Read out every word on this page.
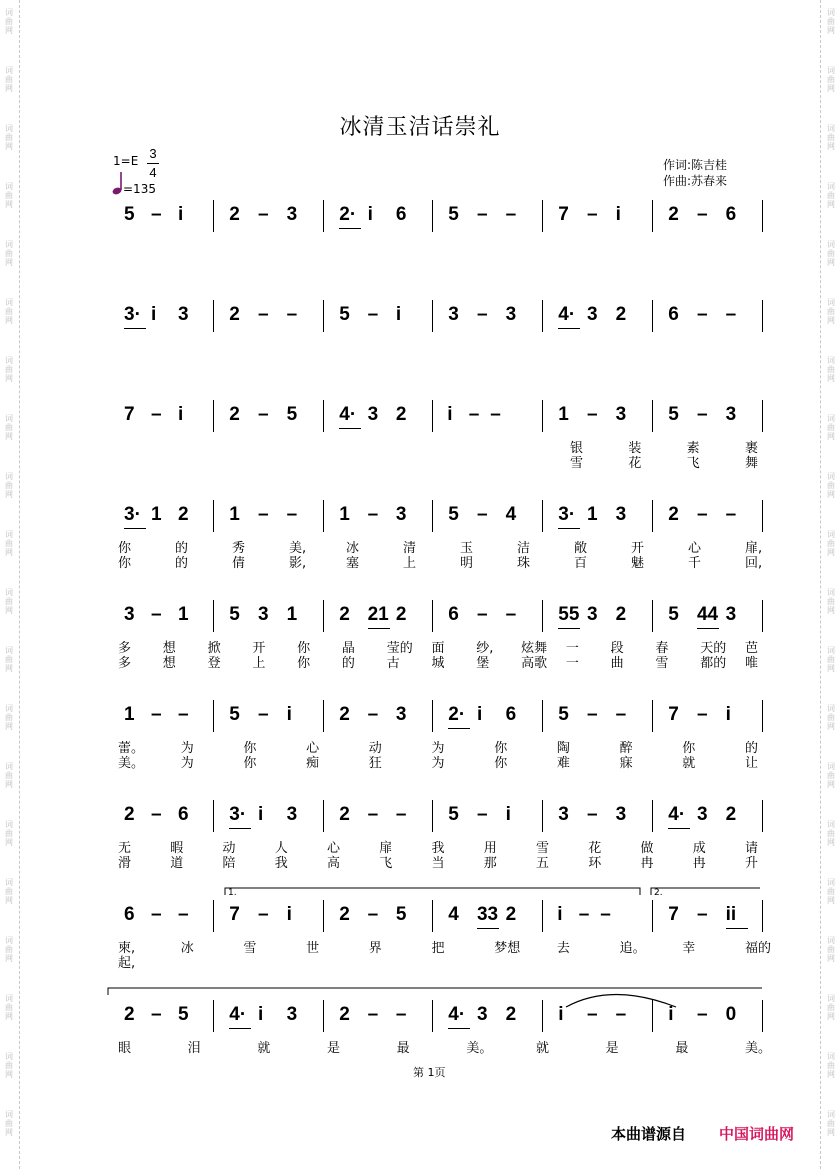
词
曲
网
词
曲
网
词
曲
网
词
曲
网
词
曲
网
词
曲
网
词
曲
网
词
曲
网
词
曲
网
词
曲
网
词
曲
网
词
曲
网
词
曲
网
词
曲
网
词
曲
网
词
曲
网
词
曲
网
词
曲
网
词
曲
网
词
曲
网
词
曲
网
词
曲
网
词
曲
网
词
曲
网
词
曲
网
词
曲
网
词
曲
网
词
曲
网
词
曲
网
词
曲
网
词
曲
网
词
曲
网
词
曲
网
词
曲
网
词
曲
网
词
曲
网
词
曲
网
词
曲
网
词
曲
网
词
曲
网
冰清玉洁话崇礼
1=E 3
4
=135
作词:陈吉桂
作曲:苏春来
5 – i 2 – 3 2· i 6 5 – – 7 – i 2 – 6
3· i 3 2 – – 5 – i 3 – 3 4· 3 2 6 – –
7 – i 2 – 5 4· 3 2 i – –	1 – 3 5 – 3
银	装	素	裹
雪	花	飞	舞
3· 1 2 1 – – 1 – 3 5 – 4 3· 1 3 2 – –
你	的	秀	美,	冰	清	玉	洁	敞	开	心	扉,
你	的	倩	影,	塞	上	明	珠	百	魅	千	回,
3 – 1 5 3 1 2 21 2 6 – – 55 3 2 5 44 3
多 想 掀 开 你 晶 莹的 面 纱, 炫舞 一 段 春 天的 芭
多 想 登 上 你 的 古 城 堡 高歌 一 曲 雪 都的 唯
1 – – 5 – i 2 – 3 2· i 6 5 – – 7 – i
蕾。	为	你	心	动	为	你	陶	醉	你	的
美。	为	你	痴	狂	为	你	难	寐	就	让
2 – 6 3· i 3 2 – – 5 – i 3 – 3 4· 3 2
无	暇	动	人	心	扉	我	用	雪	花	做	成	请
滑	道	陪	我	高	飞	当	那	五	环	冉	冉	升
6 – – 7 – i 2 – 5 4 33 2 i – –	7 – ii
柬,	冰	雪	世	界	把	梦想	去	追。	幸	福的
起,
2 – 5 4· i 3 2 – – 4· 3 2 i – – i – 0
眼	泪	就	是	最	美。	就	是	最	美。
1.	2.
第 1页
本曲谱源自 中国词曲网
